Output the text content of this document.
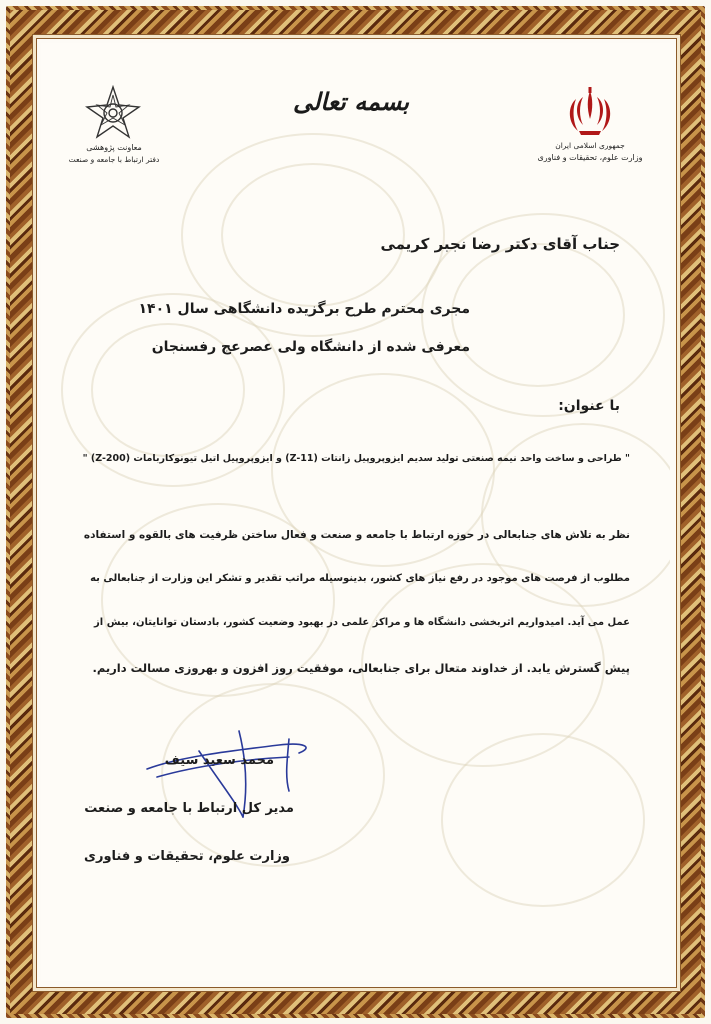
معاونت پژوهشی
دفتر ارتباط با جامعه و صنعت
بسمه تعالی
جمهوری اسلامی ایران
وزارت علوم، تحقیقات و فناوری
جناب آقای دکتر رضا نجبر کریمی
مجری محترم طرح برگزیده دانشگاهی سال ۱۴۰۱
معرفی شده از دانشگاه ولی عصرعج رفسنجان
با عنوان:
" طراحی و ساخت واحد نیمه صنعتی تولید سدیم ایزوپروپیل زانتات (Z-11) و ایزوپروپیل اتیل تیونوکاربامات (Z-200) "
نظر به تلاش های جنابعالی در حوزه ارتباط با جامعه و صنعت و فعال ساختن ظرفیت های بالقوه و استفاده
مطلوب از فرصت های موجود در رفع نیاز های کشور، بدینوسیله مراتب تقدیر و تشکر این وزارت از جنابعالی به
عمل می آید. امیدواریم اثربخشی دانشگاه ها و مراکز علمی در بهبود وضعیت کشور، بادستان توانایتان، بیش از
پیش گسترش یابد. از خداوند متعال برای جنابعالی، موفقیت روز افزون و بهروزی مسالت داریم.
محمد سعید سیف
مدیر کل ارتباط با جامعه و صنعت
وزارت علوم، تحقیقات و فناوری
